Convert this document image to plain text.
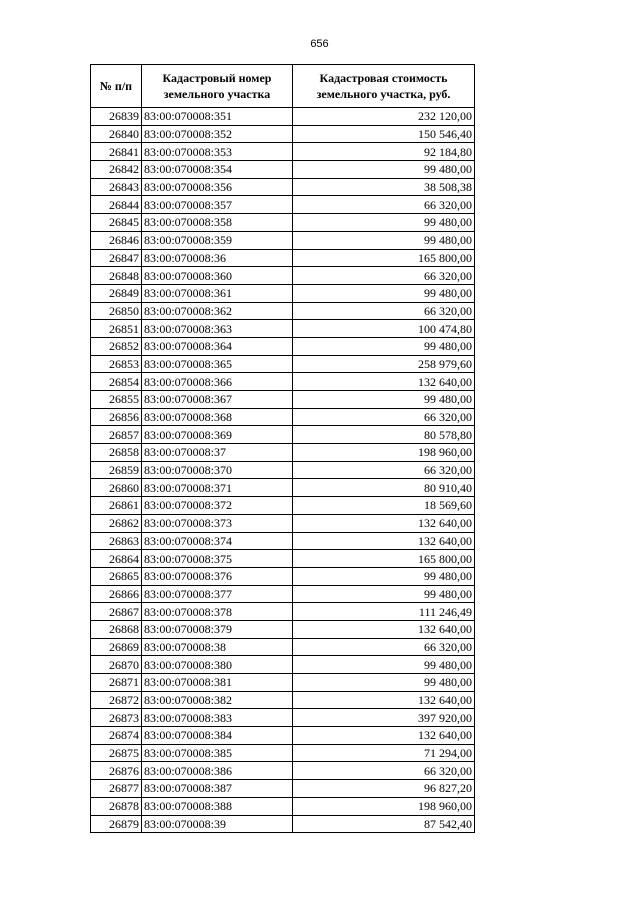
656
№ п/п	Кадастровый номер земельного участка	Кадастровая стоимость земельного участка, руб.
26839	83:00:070008:351	232 120,00
26840	83:00:070008:352	150 546,40
26841	83:00:070008:353	92 184,80
26842	83:00:070008:354	99 480,00
26843	83:00:070008:356	38 508,38
26844	83:00:070008:357	66 320,00
26845	83:00:070008:358	99 480,00
26846	83:00:070008:359	99 480,00
26847	83:00:070008:36	165 800,00
26848	83:00:070008:360	66 320,00
26849	83:00:070008:361	99 480,00
26850	83:00:070008:362	66 320,00
26851	83:00:070008:363	100 474,80
26852	83:00:070008:364	99 480,00
26853	83:00:070008:365	258 979,60
26854	83:00:070008:366	132 640,00
26855	83:00:070008:367	99 480,00
26856	83:00:070008:368	66 320,00
26857	83:00:070008:369	80 578,80
26858	83:00:070008:37	198 960,00
26859	83:00:070008:370	66 320,00
26860	83:00:070008:371	80 910,40
26861	83:00:070008:372	18 569,60
26862	83:00:070008:373	132 640,00
26863	83:00:070008:374	132 640,00
26864	83:00:070008:375	165 800,00
26865	83:00:070008:376	99 480,00
26866	83:00:070008:377	99 480,00
26867	83:00:070008:378	111 246,49
26868	83:00:070008:379	132 640,00
26869	83:00:070008:38	66 320,00
26870	83:00:070008:380	99 480,00
26871	83:00:070008:381	99 480,00
26872	83:00:070008:382	132 640,00
26873	83:00:070008:383	397 920,00
26874	83:00:070008:384	132 640,00
26875	83:00:070008:385	71 294,00
26876	83:00:070008:386	66 320,00
26877	83:00:070008:387	96 827,20
26878	83:00:070008:388	198 960,00
26879	83:00:070008:39	87 542,40
